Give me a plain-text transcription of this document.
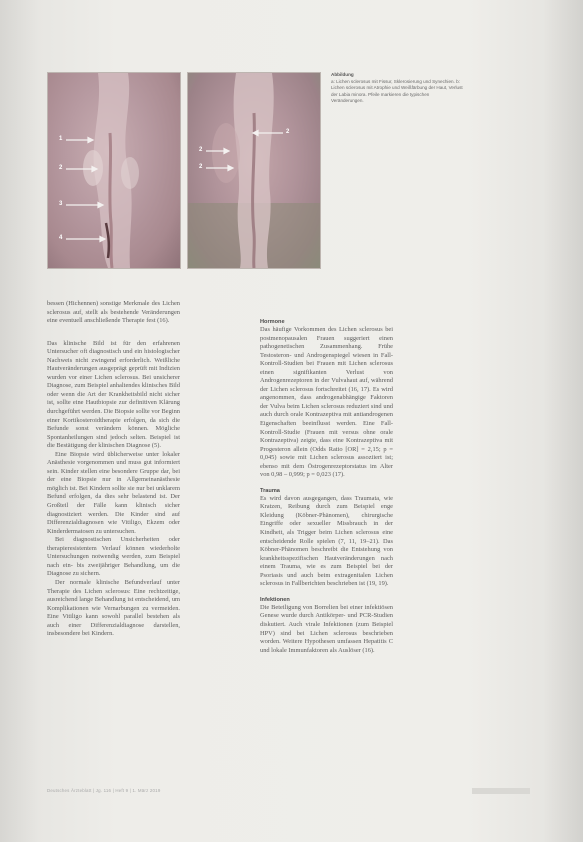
1
2
3
4
2
2
2
Abbildung
a: Lichen sclerosus mit Fissur, Sklerosierung und Synechien. b: Lichen sclerosus mit Atrophie und Weißfärbung der Haut, Verlust der Labia minora. Pfeile markieren die typischen Veränderungen.

bessen (Hichennen) sonstige Merkmale des Lichen sclerosus auf, stellt als bestehende Veränderungen eine eventuell anschließende Therapie fest (16).

Das klinische Bild ist für den erfahrenen Untersucher oft diagnostisch und ein histologischer Nachweis nicht zwingend erforderlich. Weißliche Hautveränderungen ausgeprägt geprüft mit Indizien wurden vor einer Lichen sclerosus. Bei unsicherer Diagnose, zum Beispiel anhaltendes klinisches Bild oder wenn die Art der Krankheitsbild nicht sicher ist, sollte eine Hautbiopsie zur definitiven Klärung durchgeführt werden. Die Biopsie sollte vor Beginn einer Kortikosteroidtherapie erfolgen, da sich die Befunde sonst verändern können. Mögliche Spontanheilungen sind jedoch selten. Beispiel ist die Bestätigung der klinischen Diagnose (5).

Eine Biopsie wird üblicherweise unter lokaler Anästhesie vorgenommen und muss gut informiert sein. Kinder stellen eine besondere Gruppe dar, bei der eine Biopsie nur in Allgemeinanästhesie möglich ist. Bei Kindern sollte sie nur bei unklarem Befund erfolgen, da dies sehr belastend ist. Der Großteil der Fälle kann klinisch sicher diagnostiziert werden. Die Kinder sind auf Differenzialdiagnosen wie Vitiligo, Ekzem oder Kinderdermatosen zu untersuchen.

Bei diagnostischen Unsicherheiten oder therapieresistentem Verlauf können wiederholte Untersuchungen notwendig werden, zum Beispiel nach ein- bis zweijähriger Behandlung, um die Diagnose zu sichern.

Der normale klinische Befundverlauf unter Therapie des Lichen sclerosus: Eine rechtzeitige, ausreichend lange Behandlung ist entscheidend, um Komplikationen wie Vernarbungen zu vermeiden. Eine Vitiligo kann sowohl parallel bestehen als auch einer Differenzialdiagnose darstellen, insbesondere bei Kindern.

Hormone

Das häufige Vorkommen des Lichen sclerosus bei postmenopausalen Frauen suggeriert einen pathogenetischen Zusammenhang. Frühe Testosteron- und Androgenspiegel wiesen in Fall-Kontroll-Studien bei Frauen mit Lichen sclerosus einen signifikanten Verlust von Androgenrezeptoren in der Vulvahaut auf, während der Lichen sclerosus fortschreitet (16, 17). Es wird angenommen, dass androgenabhängige Faktoren der Vulva beim Lichen sclerosus reduziert sind und auch durch orale Kontrazeptiva mit antiandrogenen Eigenschaften beeinflusst werden. Eine Fall-Kontroll-Studie (Frauen mit versus ohne orale Kontrazeptiva) zeigte, dass eine Kontrazeptiva mit Progesteron allein (Odds Ratio [OR] = 2,15; p = 0,045) sowie mit Lichen sclerosus assoziiert ist; ebenso mit dem Östrogenrezeptorstatus im Alter von 0,98 – 0,999; p = 0,023 (17).

Trauma

Es wird davon ausgegangen, dass Traumata, wie Kratzen, Reibung durch zum Beispiel enge Kleidung (Köbner-Phänomen), chirurgische Eingriffe oder sexueller Missbrauch in der Kindheit, als Trigger beim Lichen sclerosus eine entscheidende Rolle spielen (7, 11, 19–21). Das Köbner-Phänomen beschreibt die Entstehung von krankheitsspezifischen Hautveränderungen nach einem Trauma, wie es zum Beispiel bei der Psoriasis und auch beim extragenitalen Lichen sclerosus in Fallberichten beschrieben ist (19, 19).

Infektionen

Die Beteiligung von Borrelien bei einer infektiösen Genese wurde durch Antikörper- und PCR-Studien diskutiert. Auch virale Infektionen (zum Beispiel HPV) sind bei Lichen sclerosus beschrieben worden. Weitere Hypothesen umfassen Hepatitis C und lokale Immunfaktoren als Auslöser (16).

Deutsches Ärzteblatt | Jg. 116 | Heft 9 | 1. März 2019
